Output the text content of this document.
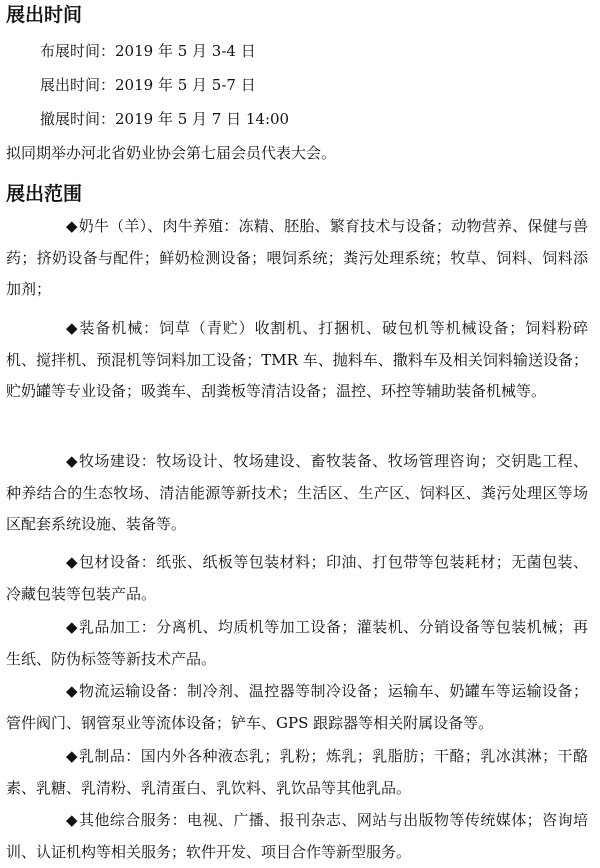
展出时间
布展时间：2019 年 5 月 3-4 日
展出时间：2019 年 5 月 5-7 日
撤展时间：2019 年 5 月 7 日 14:00
拟同期举办河北省奶业协会第七届会员代表大会。
展出范围

◆奶牛（羊）、肉牛养殖：冻精、胚胎、繁育技术与设备；动物营养、保健与兽药；挤奶设备与配件；鲜奶检测设备；喂饲系统；粪污处理系统；牧草、饲料、饲料添加剂；

◆装备机械：饲草（青贮）收割机、打捆机、破包机等机械设备；饲料粉碎机、搅拌机、预混机等饲料加工设备；TMR 车、抛料车、撒料车及相关饲料输送设备；贮奶罐等专业设备；吸粪车、刮粪板等清洁设备；温控、环控等辅助装备机械等。

◆牧场建设：牧场设计、牧场建设、畜牧装备、牧场管理咨询；交钥匙工程、种养结合的生态牧场、清洁能源等新技术；生活区、生产区、饲料区、粪污处理区等场区配套系统设施、装备等。

◆包材设备：纸张、纸板等包装材料；印油、打包带等包装耗材；无菌包装、冷藏包装等包装产品。

◆乳品加工：分离机、均质机等加工设备；灌装机、分销设备等包装机械；再生纸、防伪标签等新技术产品。

◆物流运输设备：制冷剂、温控器等制冷设备；运输车、奶罐车等运输设备；管件阀门、钢管泵业等流体设备；铲车、GPS 跟踪器等相关附属设备等。

◆乳制品：国内外各种液态乳；乳粉；炼乳；乳脂肪；干酪；乳冰淇淋；干酪素、乳糖、乳清粉、乳清蛋白、乳饮料、乳饮品等其他乳品。

◆其他综合服务：电视、广播、报刊杂志、网站与出版物等传统媒体；咨询培训、认证机构等相关服务；软件开发、项目合作等新型服务。
